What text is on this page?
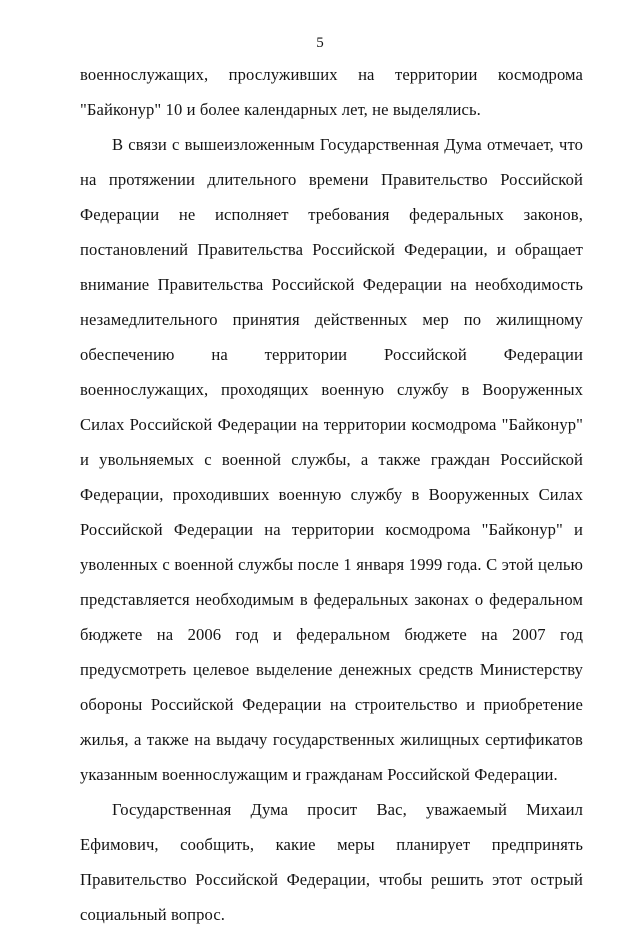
5

военнослужащих, прослуживших на территории космодрома "Байконур" 10 и более календарных лет, не выделялись.

В связи с вышеизложенным Государственная Дума отмечает, что на протяжении длительного времени Правительство Российской Федерации не исполняет требования федеральных законов, постановлений Правительства Российской Федерации, и обращает внимание Правительства Российской Федерации на необходимость незамедлительного принятия действенных мер по жилищному обеспечению на территории Российской Федерации военнослужащих, проходящих военную службу в Вооруженных Силах Российской Федерации на территории космодрома "Байконур" и увольняемых с военной службы, а также граждан Российской Федерации, проходивших военную службу в Вооруженных Силах Российской Федерации на территории космодрома "Байконур" и уволенных с военной службы после 1 января 1999 года. С этой целью представляется необходимым в федеральных законах о федеральном бюджете на 2006 год и федеральном бюджете на 2007 год предусмотреть целевое выделение денежных средств Министерству обороны Российской Федерации на строительство и приобретение жилья, а также на выдачу государственных жилищных сертификатов указанным военнослужащим и гражданам Российской Федерации.

Государственная Дума просит Вас, уважаемый Михаил Ефимович, сообщить, какие меры планирует предпринять Правительство Российской Федерации, чтобы решить этот острый социальный вопрос.
